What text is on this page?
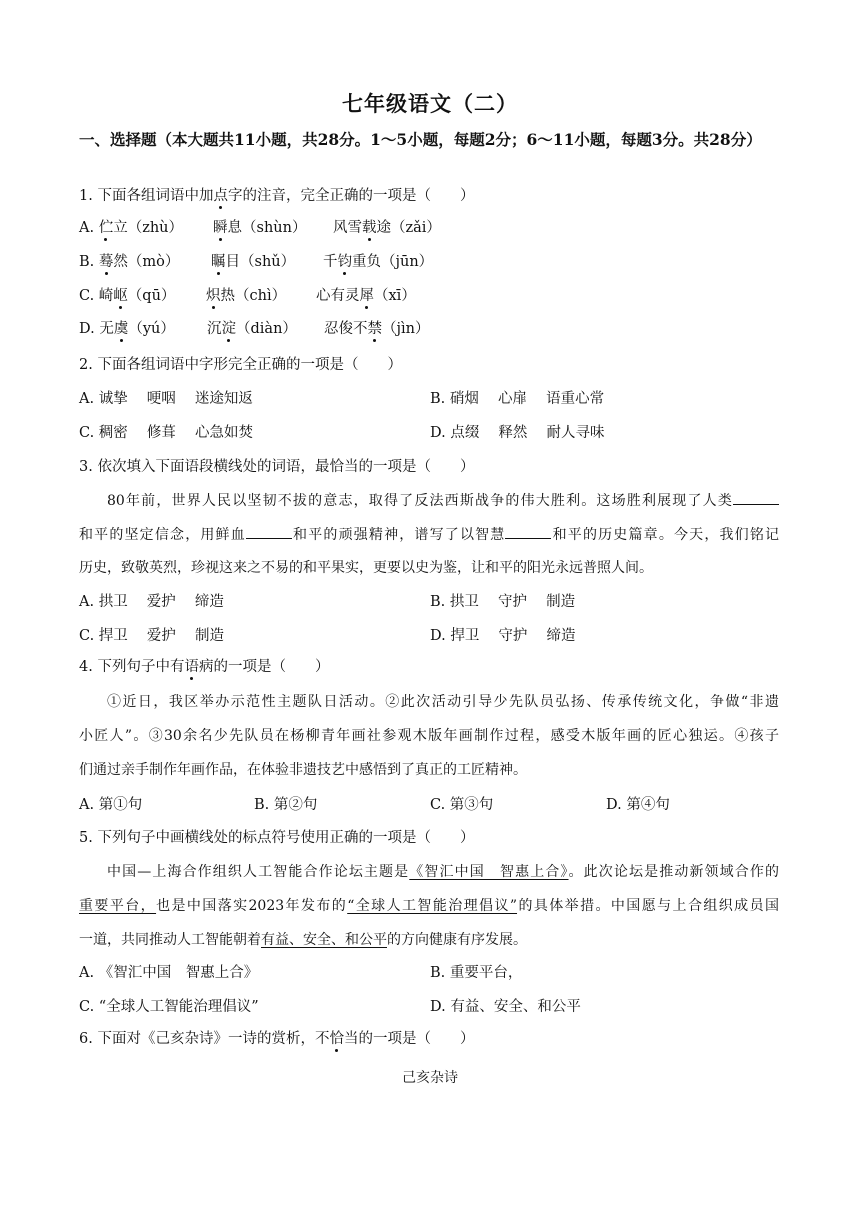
七年级语文（二）
一、选择题（本大题共11小题，共28分。1～5小题，每题2分；6～11小题，每题3分。共28分）
1. 下面各组词语中加点字的注音，完全正确的一项是（　　）
A. 伫立（zhù） 瞬息（shùn） 风雪载途（zǎi）
B. 蓦然（mò） 瞩目（shǔ） 千钧重负（jūn）
C. 崎岖（qū） 炽热（chì） 心有灵犀（xī）
D. 无虞（yú） 沉淀（diàn） 忍俊不禁（jìn）
2. 下面各组词语中字形完全正确的一项是（　　）
A. 诚挚　 哽咽　 迷途知返	B. 硝烟　 心扉　 语重心常
C. 稠密　 修葺　 心急如焚	D. 点缀　 释然　 耐人寻味
3. 依次填入下面语段横线处的词语，最恰当的一项是（　　）
80年前，世界人民以坚韧不拔的意志，取得了反法西斯战争的伟大胜利。这场胜利展现了人类
和平的坚定信念，用鲜血	和平的顽强精神，谱写了以智慧	和平的历史篇章。今天，我们铭记
历史，致敬英烈，珍视这来之不易的和平果实，更要以史为鉴，让和平的阳光永远普照人间。
A. 拱卫　 爱护　 缔造	B. 拱卫　 守护　 制造
C. 捍卫　 爱护　 制造	D. 捍卫　 守护　 缔造
4. 下列句子中有语病的一项是（　　）
①近日，我区举办示范性主题队日活动。②此次活动引导少先队员弘扬、传承传统文化，争做“非遗
小匠人”。③30余名少先队员在杨柳青年画社参观木版年画制作过程，感受木版年画的匠心独运。④孩子
们通过亲手制作年画作品，在体验非遗技艺中感悟到了真正的工匠精神。
A. 第①句	B. 第②句	C. 第③句	D. 第④句
5. 下列句子中画横线处的标点符号使用正确的一项是（　　）
中国—上海合作组织人工智能合作论坛主题是《智汇中国　智惠上合》。此次论坛是推动新领域合作的
重要平台，也是中国落实2023年发布的“全球人工智能治理倡议”的具体举措。中国愿与上合组织成员国
一道，共同推动人工智能朝着有益、安全、和公平的方向健康有序发展。
A. 《智汇中国　智惠上合》	B. 重要平台，
C. “全球人工智能治理倡议”	D. 有益、安全、和公平
6. 下面对《己亥杂诗》一诗的赏析，不恰当的一项是（　　）
己亥杂诗
